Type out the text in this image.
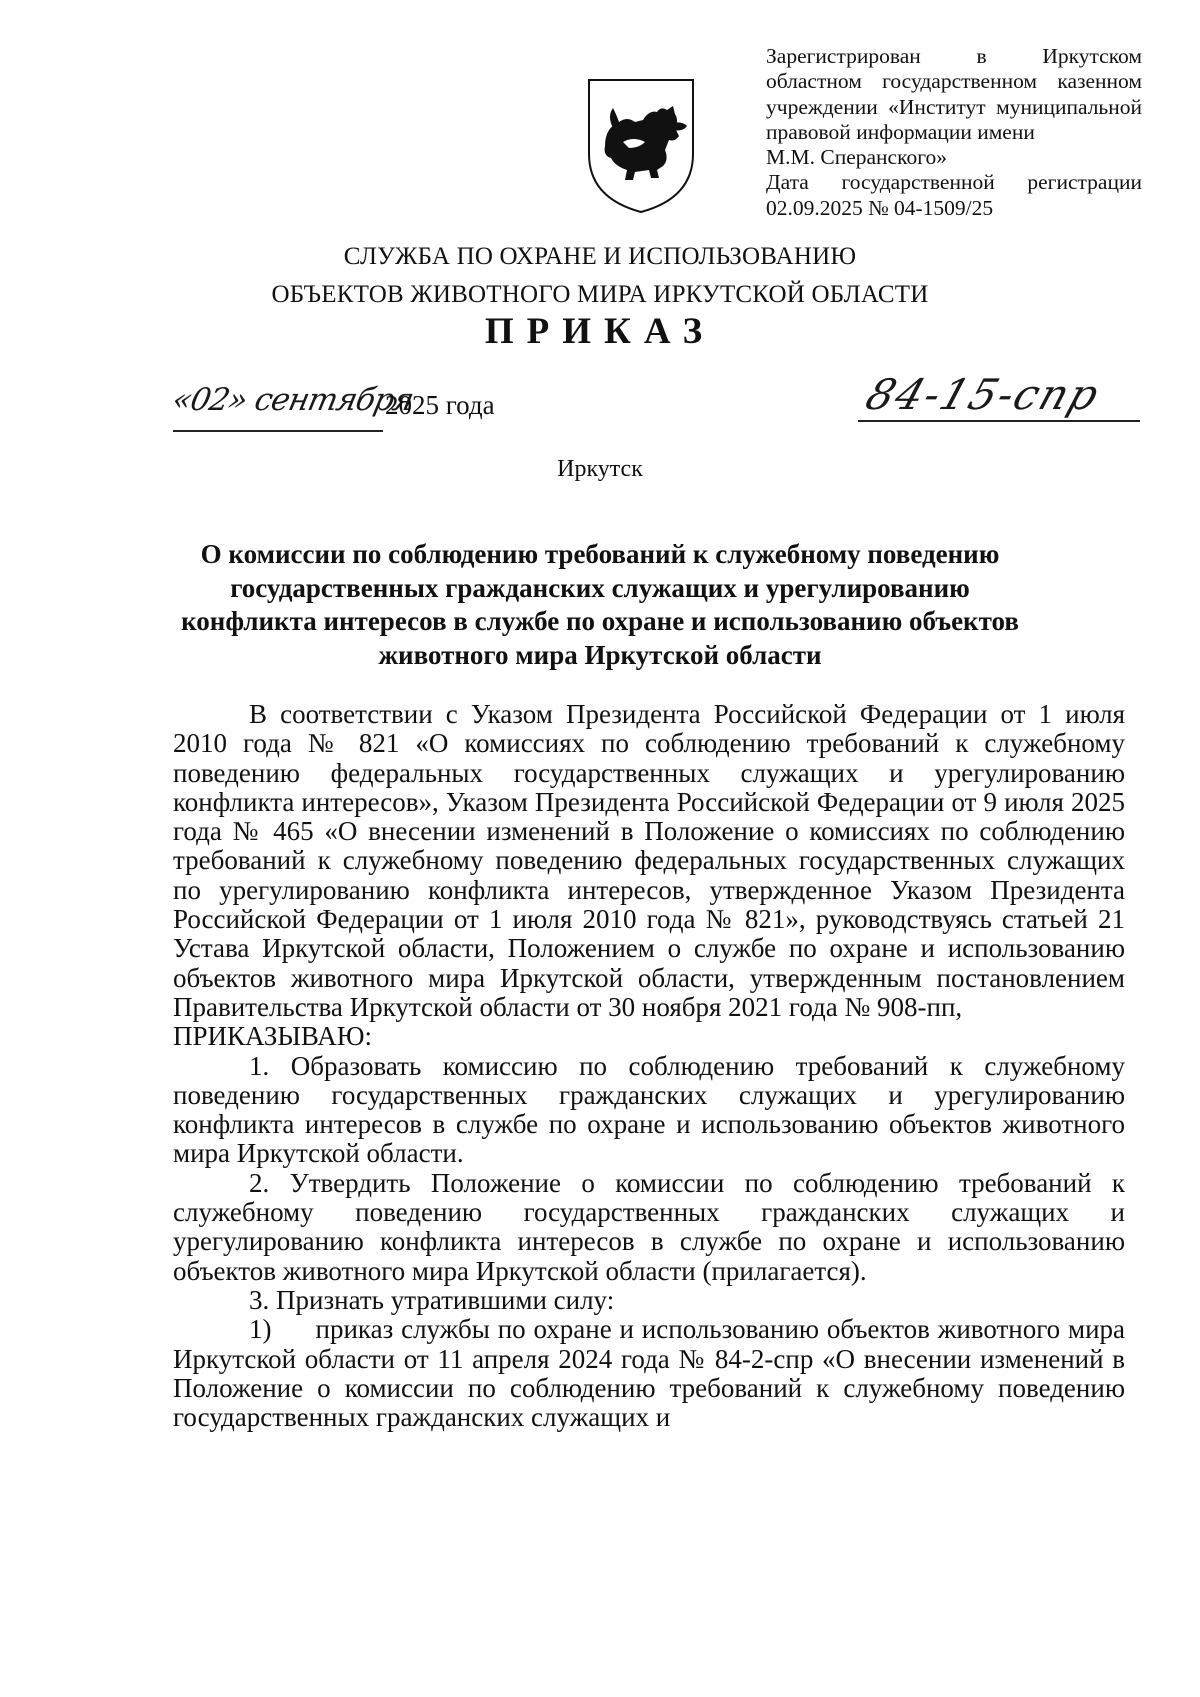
Зарегистрирован в Иркутском
областном государственном казенном
учреждении «Институт муниципальной
правовой информации имени
М.М. Сперанского»
Дата государственной регистрации
02.09.2025 № 04-1509/25
СЛУЖБА ПО ОХРАНЕ И ИСПОЛЬЗОВАНИЮ
ОБЪЕКТОВ ЖИВОТНОГО МИРА ИРКУТСКОЙ ОБЛАСТИ
ПРИКАЗ
«02» сентября
2025 года	84-15-спр
Иркутск
О комиссии по соблюдению требований к служебному поведению государственных гражданских служащих и урегулированию конфликта интересов в службе по охране и использованию объектов животного мира Иркутской области

В соответствии с Указом Президента Российской Федерации от 1 июля 2010 года № 821 «О комиссиях по соблюдению требований к служебному поведению федеральных государственных служащих и урегулированию конфликта интересов», Указом Президента Российской Федерации от 9 июля 2025 года № 465 «О внесении изменений в Положение о комиссиях по соблюдению требований к служебному поведению федеральных государственных служащих по урегулированию конфликта интересов, утвержденное Указом Президента Российской Федерации от 1 июля 2010 года № 821», руководствуясь статьей 21 Устава Иркутской области, Положением о службе по охране и использованию объектов животного мира Иркутской области, утвержденным постановлением Правительства Иркутской области от 30 ноября 2021 года № 908-пп,

ПРИКАЗЫВАЮ:

1. Образовать комиссию по соблюдению требований к служебному поведению государственных гражданских служащих и урегулированию конфликта интересов в службе по охране и использованию объектов животного мира Иркутской области.

2. Утвердить Положение о комиссии по соблюдению требований к служебному поведению государственных гражданских служащих и урегулированию конфликта интересов в службе по охране и использованию объектов животного мира Иркутской области (прилагается).

3. Признать утратившими силу:

1) приказ службы по охране и использованию объектов животного мира Иркутской области от 11 апреля 2024 года № 84-2-спр «О внесении изменений в Положение о комиссии по соблюдению требований к служебному поведению государственных гражданских служащих и
